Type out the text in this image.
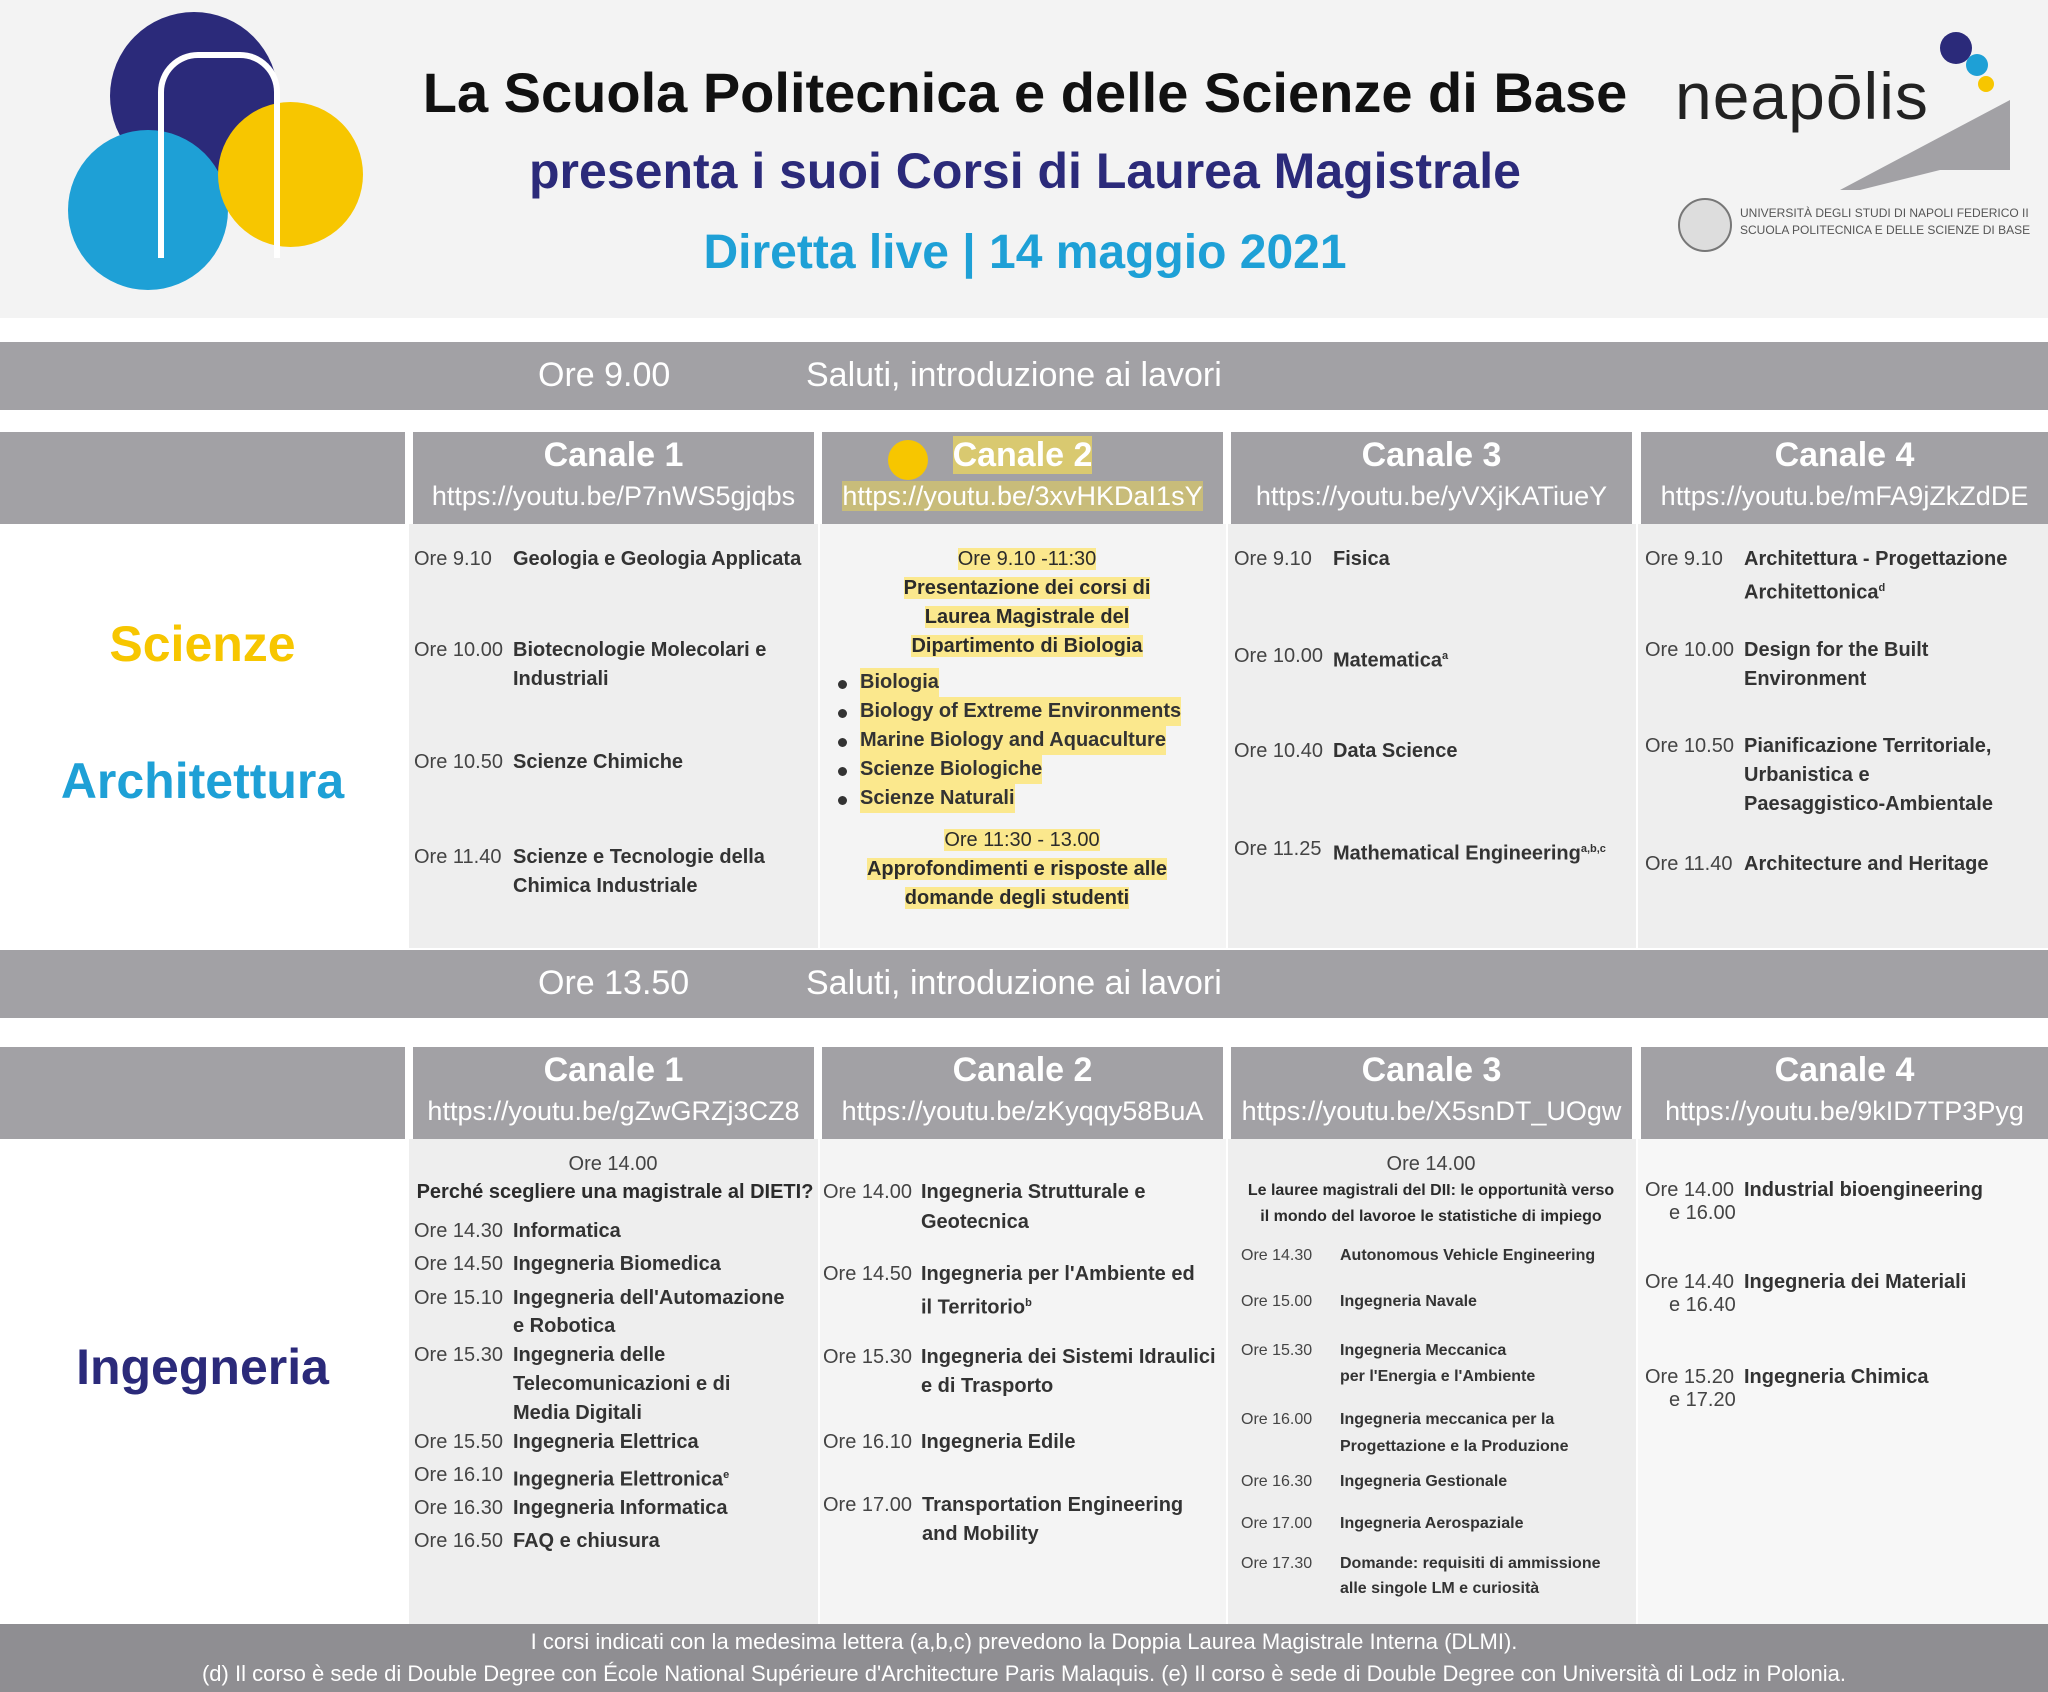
La Scuola Politecnica e delle Scienze di Base
presenta i suoi Corsi di Laurea Magistrale
Diretta live | 14 maggio 2021
neapōlis
UNIVERSITÀ DEGLI STUDI DI NAPOLI FEDERICO II
SCUOLA POLITECNICA E DELLE SCIENZE DI BASE
Ore 9.00	Saluti, introduzione ai lavori
Canale 1
https://youtu.be/P7nWS5gjqbs
Canale 2
https://youtu.be/3xvHKDaI1sY
Canale 3
https://youtu.be/yVXjKATiueY
Canale 4
https://youtu.be/mFA9jZkZdDE
Scienze
Architettura
Ore 9.10 Geologia e Geologia Applicata
Ore 10.00 Biotecnologie Molecolari e
Industriali
Ore 10.50 Scienze Chimiche
Ore 11.40 Scienze e Tecnologie della
Chimica Industriale
Ore 9.10 -11:30
Presentazione dei corsi di
Laurea Magistrale del
Dipartimento di Biologia
Biologia
Biology of Extreme Environments
Marine Biology and Aquaculture
Scienze Biologiche
Scienze Naturali
Ore 11:30 - 13.00
Approfondimenti e risposte alle
domande degli studenti
Ore 9.10 Fisica
Ore 10.00 Matematica$^a$
Ore 10.40 Data Science
Ore 11.25 Mathematical Engineering$^{a,b,c}$
Ore 9.10 Architettura - Progettazione
Architettonica$^d$
Ore 10.00 Design for the Built
Environment
Ore 10.50 Pianificazione Territoriale,
Urbanistica e
Paesaggistico-Ambientale
Ore 11.40 Architecture and Heritage
Ore 13.50	Saluti, introduzione ai lavori
Canale 1
https://youtu.be/gZwGRZj3CZ8
Canale 2
https://youtu.be/zKyqqy58BuA
Canale 3
https://youtu.be/X5snDT_UOgw
Canale 4
https://youtu.be/9kID7TP3Pyg
Ingegneria
Ore 14.00
Perché scegliere una magistrale al DIETI?
Ore 14.30 Informatica
Ore 14.50 Ingegneria Biomedica
Ore 15.10 Ingegneria dell'Automazione
e Robotica
Ore 15.30 Ingegneria delle
Telecomunicazioni e di
Media Digitali
Ore 15.50 Ingegneria Elettrica
Ore 16.10 Ingegneria Elettronica$^e$
Ore 16.30 Ingegneria Informatica
Ore 16.50 FAQ e chiusura
Ore 14.00 Ingegneria Strutturale e
Geotecnica
Ore 14.50 Ingegneria per l'Ambiente ed
il Territorio$^b$
Ore 15.30 Ingegneria dei Sistemi Idraulici
e di Trasporto
Ore 16.10 Ingegneria Edile
Ore 17.00 Transportation Engineering
and Mobility
Ore 14.00
Le lauree magistrali del DII: le opportunità verso
il mondo del lavoroe le statistiche di impiego
Ore 14.30 Autonomous Vehicle Engineering
Ore 15.00 Ingegneria Navale
Ore 15.30 Ingegneria Meccanica
per l'Energia e l'Ambiente
Ore 16.00 Ingegneria meccanica per la
Progettazione e la Produzione
Ore 16.30 Ingegneria Gestionale
Ore 17.00 Ingegneria Aerospaziale
Ore 17.30 Domande: requisiti di ammissione
alle singole LM e curiosità
Ore 14.00
e 16.00
Industrial bioengineering
Ore 14.40
e 16.40
Ingegneria dei Materiali
Ore 15.20
e 17.20
Ingegneria Chimica
I corsi indicati con la medesima lettera (a,b,c) prevedono la Doppia Laurea Magistrale Interna (DLMI).
(d) Il corso è sede di Double Degree con École National Supérieure d'Architecture Paris Malaquis. (e) Il corso è sede di Double Degree con Università di Lodz in Polonia.
